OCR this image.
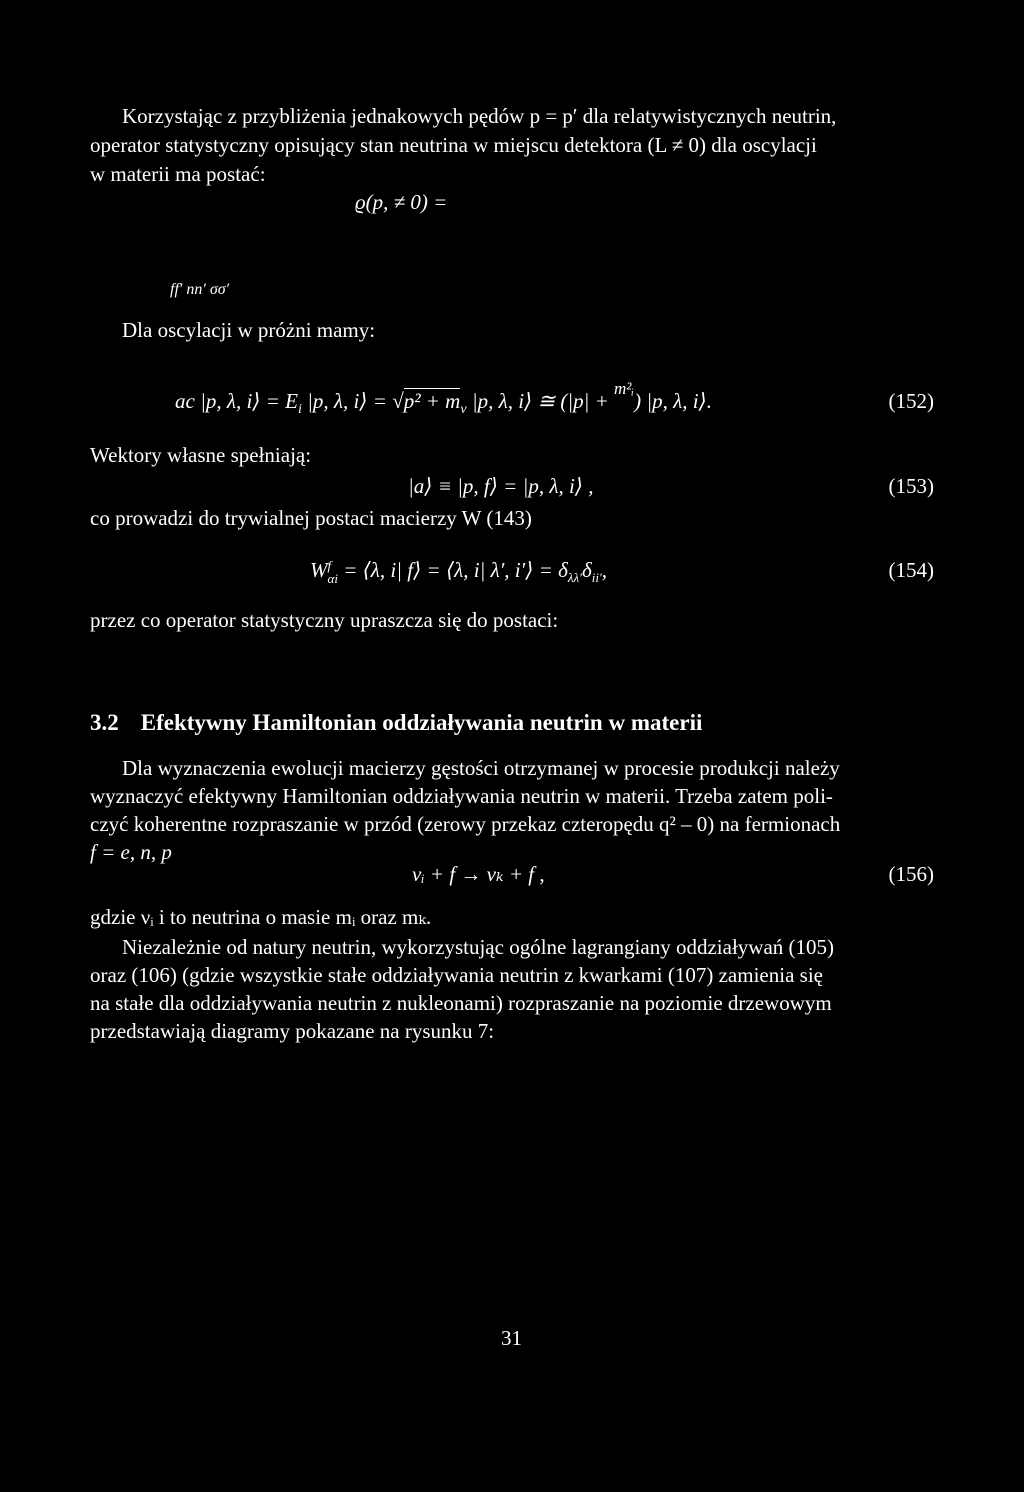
Korzystając z przybliżenia jednakowych pędów p = p′ dla relatywistycznych neutrin,
operator statystyczny opisujący stan neutrina w miejscu detektora (L ≠ 0) dla oscylacji
w materii ma postać:
ϱ(p, ≠ 0) =
ff′ nn′ σσ′
Dla oscylacji w próżni mamy:
ac |p, λ, i⟩ = $E_i$ |p, λ, i⟩ = $√p^2 + m_\nu$ |p, λ, i⟩ ≅ (|p| + m²ᵢ) |p, λ, i⟩.	(152)
Wektory własne spełniają:
|a⟩ ≡ |p, f⟩ = |p, λ, i⟩ ,	(153)
co prowadzi do trywialnej postaci macierzy W (143)
W f
αi = ⟨λ, i| f⟩ = ⟨λ, i| λ′, i′⟩ = $\delta_{\lambda\lambda'}\delta_{ii'}$,	(154)
przez co operator statystyczny upraszcza się do postaci:
3.2 Efektywny Hamiltonian oddziaływania neutrin w materii
Dla wyznaczenia ewolucji macierzy gęstości otrzymanej w procesie produkcji należy
wyznaczyć efektywny Hamiltonian oddziaływania neutrin w materii. Trzeba zatem poli-
czyć koherentne rozpraszanie w przód (zerowy przekaz czteropędu q² – 0) na fermionach
f = e, n, p
νᵢ + f → νₖ + f ,	(156)
gdzie νᵢ i to neutrina o masie mᵢ oraz mₖ.
Niezależnie od natury neutrin, wykorzystując ogólne lagrangiany oddziaływań (105)
oraz (106) (gdzie wszystkie stałe oddziaływania neutrin z kwarkami (107) zamienia się
na stałe dla oddziaływania neutrin z nukleonami) rozpraszanie na poziomie drzewowym
przedstawiają diagramy pokazane na rysunku 7:
31
